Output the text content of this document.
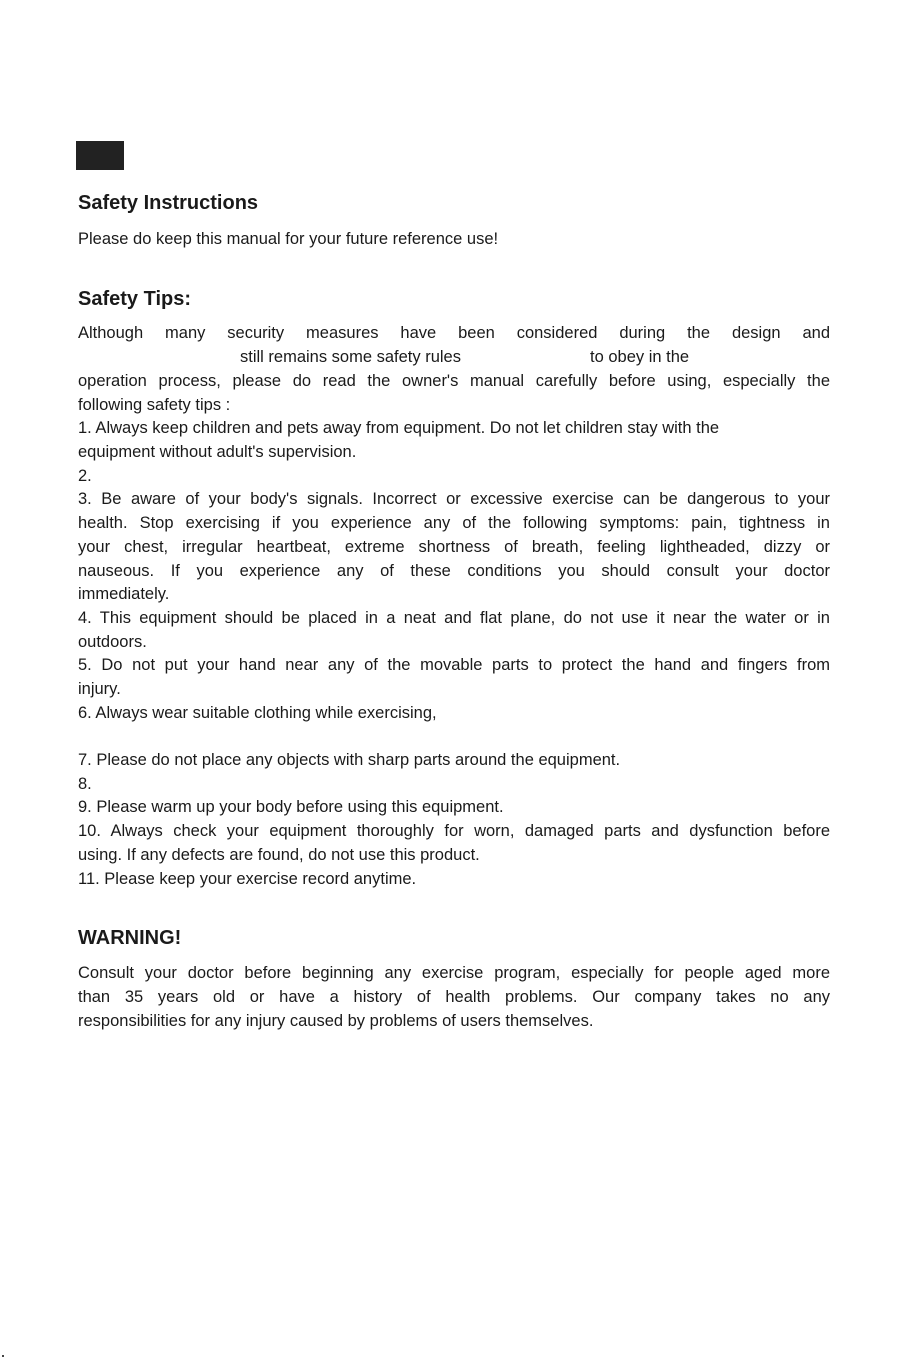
Safety Instructions

Please do keep this manual for your future reference use!

Safety Tips:

Although many security measures have been considered during the design and

still remains some safety rules	to obey in the

operation process, please do read the owner's manual carefully before using, especially the

following safety tips :

1. Always keep children and pets away from equipment. Do not let children stay with the

equipment without adult's supervision.

2.

3. Be aware of your body's signals. Incorrect or excessive exercise can be dangerous to your

health. Stop exercising if you experience any of the following symptoms: pain, tightness in

your chest, irregular heartbeat, extreme shortness of breath, feeling lightheaded, dizzy or

nauseous. If you experience any of these conditions you should consult your doctor

immediately.

4. This equipment should be placed in a neat and flat plane, do not use it near the water or in

outdoors.

5. Do not put your hand near any of the movable parts to protect the hand and fingers from

injury.

6. Always wear suitable clothing while exercising,

7. Please do not place any objects with sharp parts around the equipment.

8.

9. Please warm up your body before using this equipment.

10. Always check your equipment thoroughly for worn, damaged parts and dysfunction before

using. If any defects are found, do not use this product.

11. Please keep your exercise record anytime.

WARNING!

Consult your doctor before beginning any exercise program, especially for people aged more

than 35 years old or have a history of health problems. Our company takes no any

responsibilities for any injury caused by problems of users themselves.
